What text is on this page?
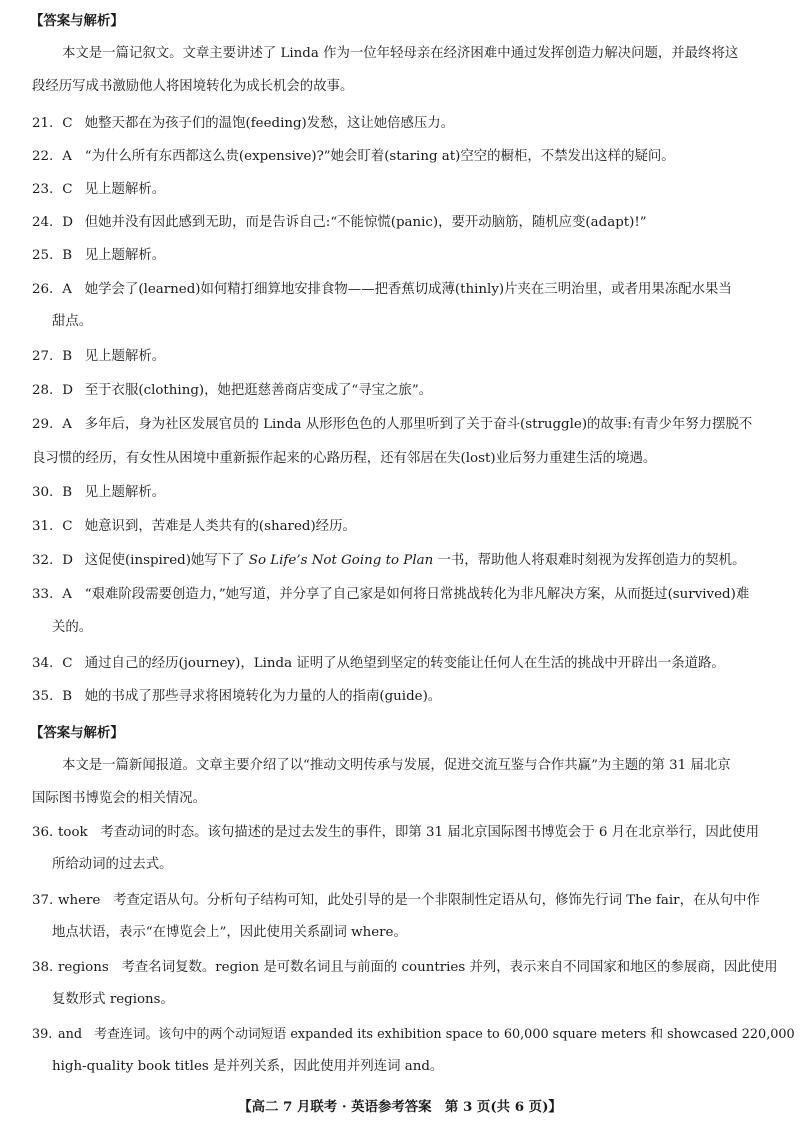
【答案与解析】
本文是一篇记叙文。文章主要讲述了 Linda 作为一位年轻母亲在经济困难中通过发挥创造力解决问题，并最终将这
段经历写成书激励他人将困境转化为成长机会的故事。
21. C 她整天都在为孩子们的温饱(feeding)发愁，这让她倍感压力。
22. A “为什么所有东西都这么贵(expensive)?”她会盯着(staring at)空空的橱柜，不禁发出这样的疑问。
23. C 见上题解析。
24. D 但她并没有因此感到无助，而是告诉自己:“不能惊慌(panic)，要开动脑筋，随机应变(adapt)!”
25. B 见上题解析。
26. A 她学会了(learned)如何精打细算地安排食物——把香蕉切成薄(thinly)片夹在三明治里，或者用果冻配水果当
甜点。
27. B 见上题解析。
28. D 至于衣服(clothing)，她把逛慈善商店变成了“寻宝之旅”。
29. A 多年后，身为社区发展官员的 Linda 从形形色色的人那里听到了关于奋斗(struggle)的故事:有青少年努力摆脱不
良习惯的经历，有女性从困境中重新振作起来的心路历程，还有邻居在失(lost)业后努力重建生活的境遇。
30. B 见上题解析。
31. C 她意识到，苦难是人类共有的(shared)经历。
32. D 这促使(inspired)她写下了 So Life’s Not Going to Plan 一书，帮助他人将艰难时刻视为发挥创造力的契机。
33. A “艰难阶段需要创造力，”她写道，并分享了自己家是如何将日常挑战转化为非凡解决方案，从而挺过(survived)难
关的。
34. C 通过自己的经历(journey)，Linda 证明了从绝望到坚定的转变能让任何人在生活的挑战中开辟出一条道路。
35. B 她的书成了那些寻求将困境转化为力量的人的指南(guide)。
【答案与解析】
本文是一篇新闻报道。文章主要介绍了以“推动文明传承与发展，促进交流互鉴与合作共赢”为主题的第 31 届北京
国际图书博览会的相关情况。
36. took 考查动词的时态。该句描述的是过去发生的事件，即第 31 届北京国际图书博览会于 6 月在北京举行，因此使用
所给动词的过去式。
37. where 考查定语从句。分析句子结构可知，此处引导的是一个非限制性定语从句，修饰先行词 The fair，在从句中作
地点状语，表示“在博览会上”，因此使用关系副词 where。
38. regions 考查名词复数。region 是可数名词且与前面的 countries 并列，表示来自不同国家和地区的参展商，因此使用
复数形式 regions。
39. and 考查连词。该句中的两个动词短语 expanded its exhibition space to 60,000 square meters 和 showcased 220,000
high-quality book titles 是并列关系，因此使用并列连词 and。
【高二 7 月联考 · 英语参考答案　第 3 页(共 6 页)】
